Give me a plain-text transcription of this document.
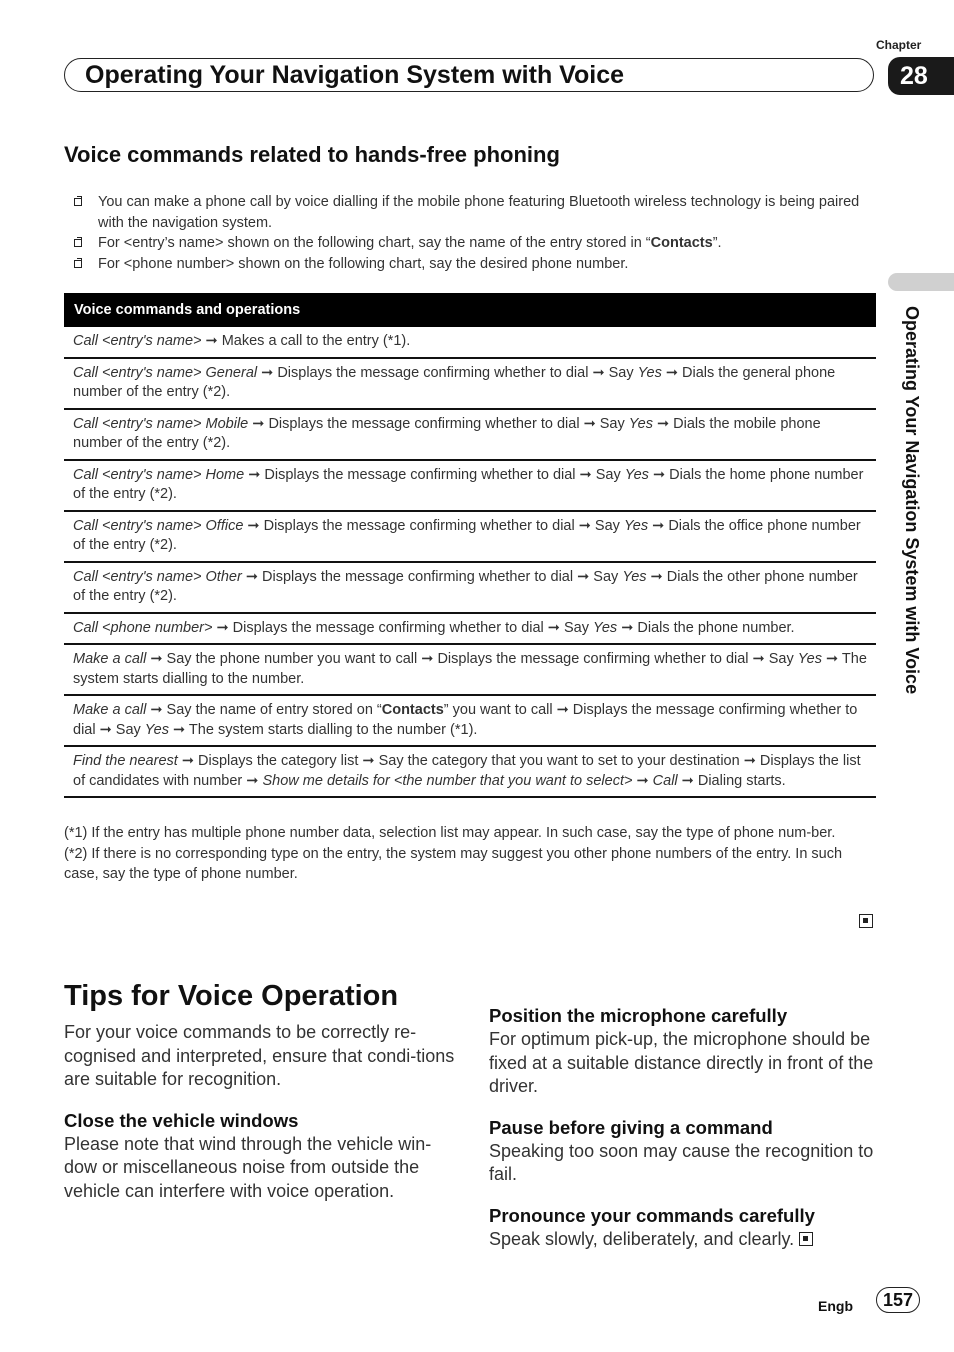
Chapter
28
Operating Your Navigation System with Voice
Operating Your Navigation System with Voice
Voice commands related to hands-free phoning
You can make a phone call by voice dialling if the mobile phone featuring Bluetooth wireless technology is being paired with the navigation system.
For <entry’s name> shown on the following chart, say the name of the entry stored in “Contacts”.
For <phone number> shown on the following chart, say the desired phone number.
Voice commands and operations
Call <entry's name> ➞ Makes a call to the entry (*1).
Call <entry's name> General ➞ Displays the message confirming whether to dial ➞ Say Yes ➞ Dials the general phone number of the entry (*2).
Call <entry's name> Mobile ➞ Displays the message confirming whether to dial ➞ Say Yes ➞ Dials the mobile phone number of the entry (*2).
Call <entry's name> Home ➞ Displays the message confirming whether to dial ➞ Say Yes ➞ Dials the home phone number of the entry (*2).
Call <entry's name> Office ➞ Displays the message confirming whether to dial ➞ Say Yes ➞ Dials the office phone number of the entry (*2).
Call <entry's name> Other ➞ Displays the message confirming whether to dial ➞ Say Yes ➞ Dials the other phone number of the entry (*2).
Call <phone number> ➞ Displays the message confirming whether to dial ➞ Say Yes ➞ Dials the phone number.
Make a call ➞ Say the phone number you want to call ➞ Displays the message confirming whether to dial ➞ Say Yes ➞ The system starts dialling to the number.
Make a call ➞ Say the name of entry stored on “Contacts” you want to call ➞ Displays the message confirming whether to dial ➞ Say Yes ➞ The system starts dialling to the number (*1).
Find the nearest ➞ Displays the category list ➞ Say the category that you want to set to your destination ➞ Displays the list of candidates with number ➞ Show me details for <the number that you want to select> ➞ Call ➞ Dialing starts.
(*1) If the entry has multiple phone number data, selection list may appear. In such case, say the type of phone num-ber.
(*2) If there is no corresponding type on the entry, the system may suggest you other phone numbers of the entry. In such case, say the type of phone number.
Tips for Voice Operation

For your voice commands to be correctly re-cognised and interpreted, ensure that condi-tions are suitable for recognition.

Close the vehicle windows

Please note that wind through the vehicle win-dow or miscellaneous noise from outside the vehicle can interfere with voice operation.

Position the microphone carefully

For optimum pick-up, the microphone should be fixed at a suitable distance directly in front of the driver.

Pause before giving a command

Speaking too soon may cause the recognition to fail.

Pronounce your commands carefully

Speak slowly, deliberately, and clearly.

Engb	157
